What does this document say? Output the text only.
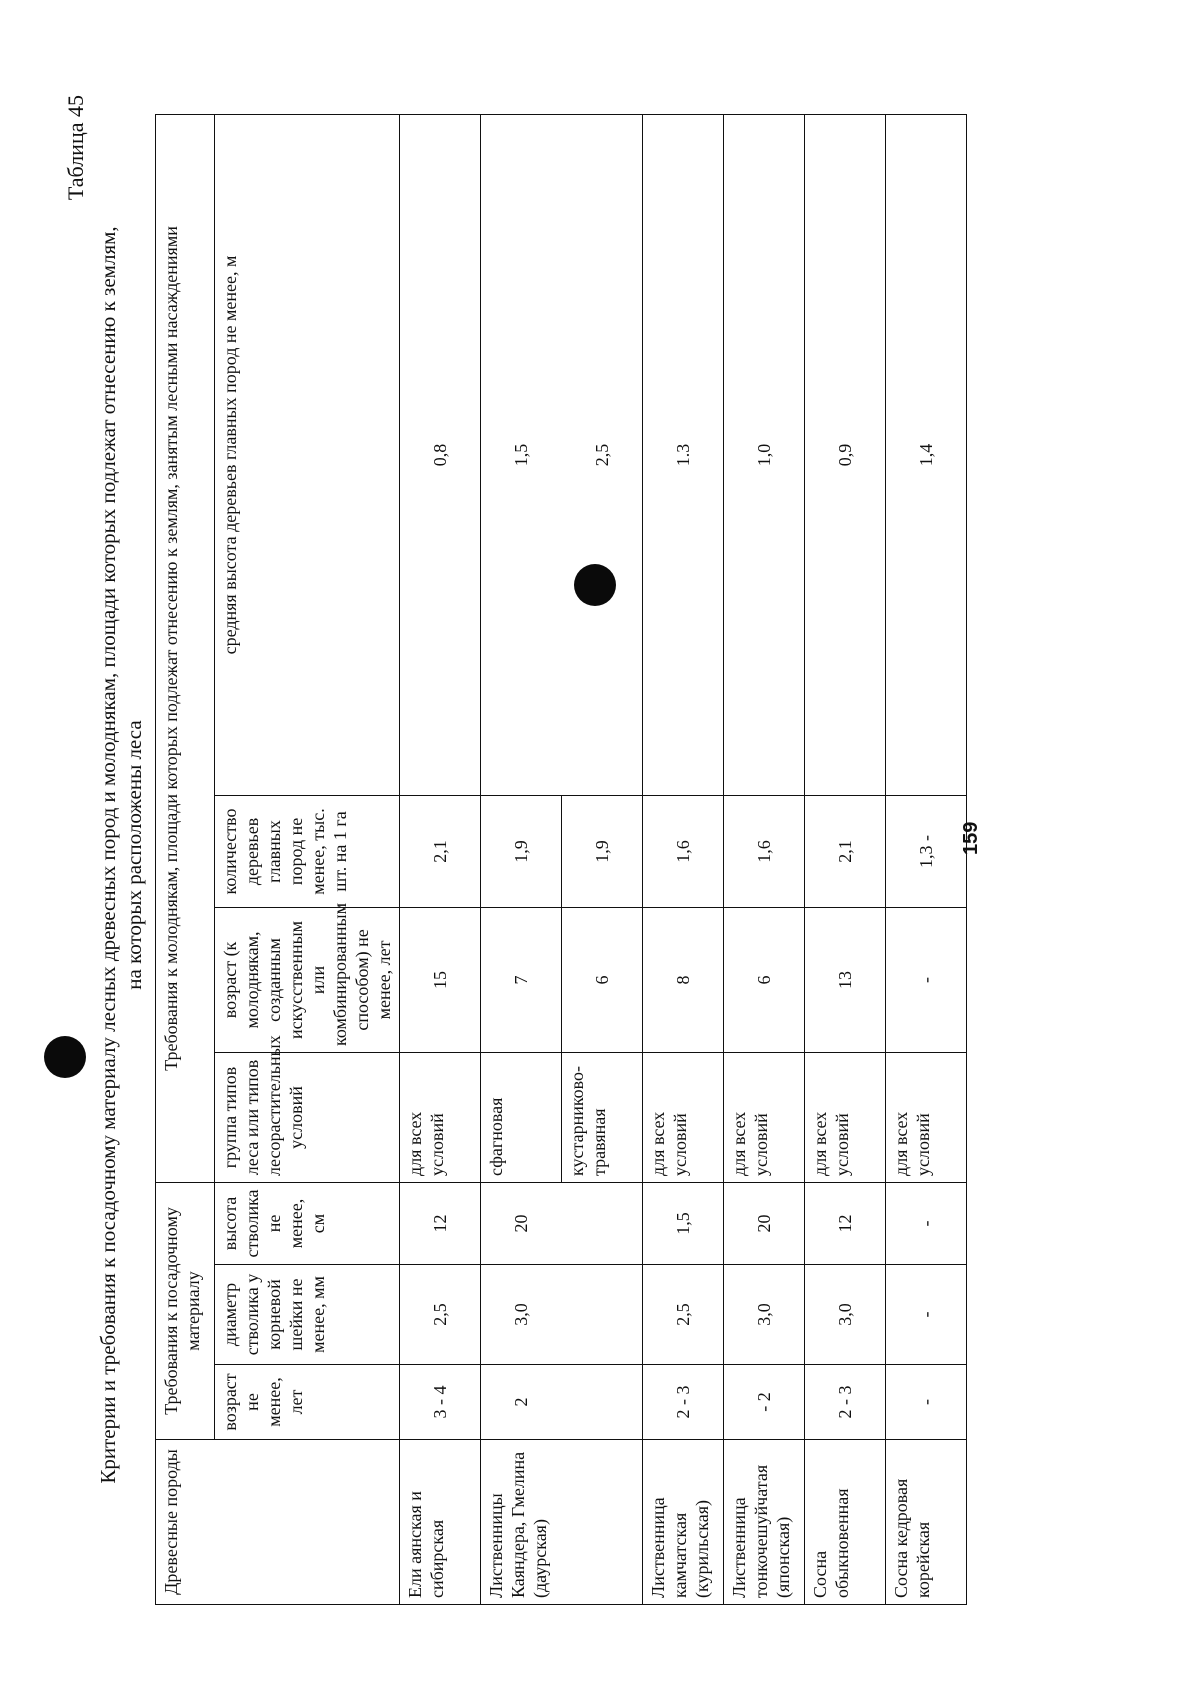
Таблица 45
Критерии и требования к посадочному материалу лесных древесных пород и молоднякам, площади которых подлежат отнесению к землям, на которых расположены леса
Древесные породы	Требования к посадочному материалу			Требования к молоднякам, площади которых подлежат отнесению к землям, занятым лесными насаждениями			
	возраст не менее, лет	диаметр стволика у корневой шейки не менее, мм	высота стволика не менее, см	группа типов леса или типов лесорастительных условий	возраст (к молоднякам, созданным искусственным или комбинированным способом) не менее, лет	количество деревьев главных пород не менее, тыс. шт. на 1 га	средняя высота деревьев главных пород не менее, м
Ели аянская и сибирская	3 - 4	2,5	12	для всех условий	15	2,1	0,8
Лиственницы Каяндера, Гмелина (даурская)	2	3,0	20	сфагновая	7	1,9	1,5
				кустарниково-травяная	6	1,9	2,5
Лиственница камчатская (курильская)	2 - 3	2,5	1,5	для всех условий	8	1,6	1.3
Лиственница тонкочешуйчатая (японская)	- 2	3,0	20	для всех условий	6	1,6	1,0
Сосна обыкновенная	2 - 3	3,0	12	для всех условий	13	2,1	0,9
Сосна кедровая корейская	-	-	-	для всех условий	-	1,3 -	1,4
159
